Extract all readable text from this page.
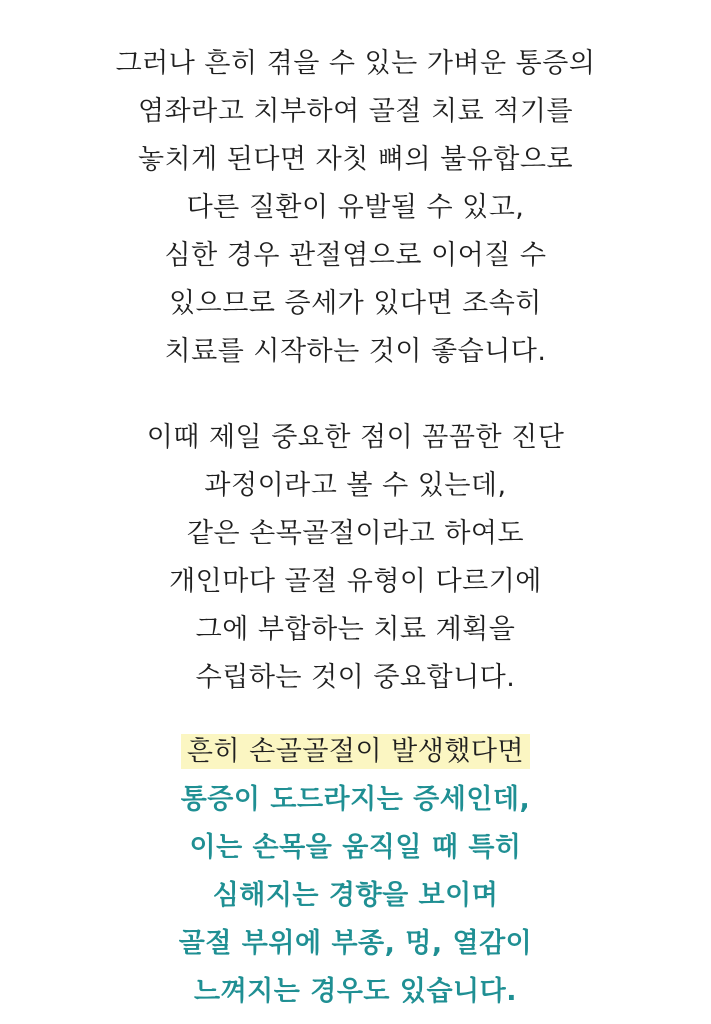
그러나 흔히 겪을 수 있는 가벼운 통증의
염좌라고 치부하여 골절 치료 적기를
놓치게 된다면 자칫 뼈의 불유합으로
다른 질환이 유발될 수 있고,
심한 경우 관절염으로 이어질 수
있으므로 증세가 있다면 조속히
치료를 시작하는 것이 좋습니다.
이때 제일 중요한 점이 꼼꼼한 진단
과정이라고 볼 수 있는데,
같은 손목골절이라고 하여도
개인마다 골절 유형이 다르기에
그에 부합하는 치료 계획을
수립하는 것이 중요합니다.
흔히 손골골절이 발생했다면
통증이 도드라지는 증세인데,
이는 손목을 움직일 때 특히
심해지는 경향을 보이며
골절 부위에 부종, 멍, 열감이
느껴지는 경우도 있습니다.
